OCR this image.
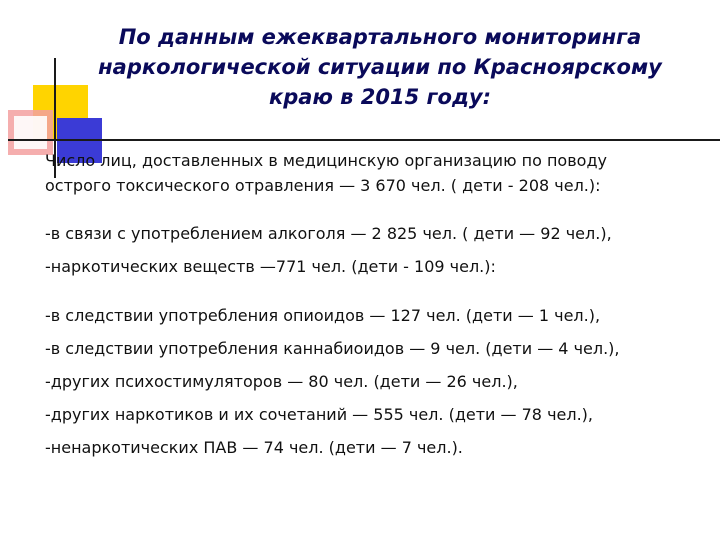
По данным ежеквартального мониторинга наркологической ситуации по Красноярскому краю в 2015 году:

Число лиц, доставленных в медицинскую организацию по поводу
острого токсического отравления — 3 670 чел. ( дети - 208 чел.):

-в связи с употреблением алкоголя — 2 825 чел. ( дети — 92 чел.),

-наркотических веществ —771 чел. (дети - 109 чел.):

-в следствии употребления опиоидов — 127 чел. (дети — 1 чел.),

-в следствии употребления каннабиоидов — 9 чел. (дети — 4 чел.),

-других психостимуляторов — 80 чел. (дети — 26 чел.),

-других наркотиков и их сочетаний — 555 чел. (дети — 78 чел.),

-ненаркотических ПАВ — 74 чел. (дети — 7 чел.).
